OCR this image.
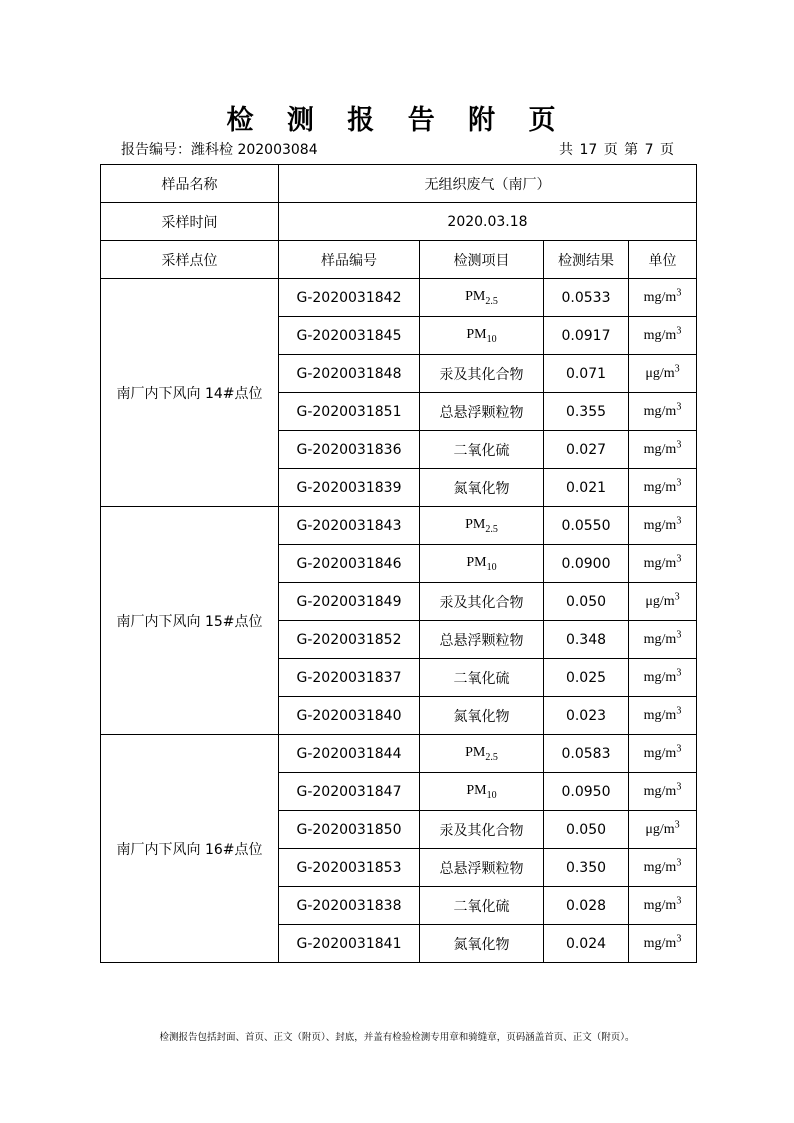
检 测 报 告 附 页
报告编号：潍科检 202003084	共 17 页 第 7 页
样品名称	无组织废气（南厂）			
采样时间	2020.03.18			
采样点位	样品编号	检测项目	检测结果	单位
南厂内下风向 14#点位	G-2020031842	$PM_{2.5}$	0.0533	$mg/m^3$
	G-2020031845	$PM_{10}$	0.0917	$mg/m^3$
	G-2020031848	汞及其化合物	0.071	$\mu g/m^3$
	G-2020031851	总悬浮颗粒物	0.355	$mg/m^3$
	G-2020031836	二氧化硫	0.027	$mg/m^3$
	G-2020031839	氮氧化物	0.021	$mg/m^3$
南厂内下风向 15#点位	G-2020031843	$PM_{2.5}$	0.0550	$mg/m^3$
	G-2020031846	$PM_{10}$	0.0900	$mg/m^3$
	G-2020031849	汞及其化合物	0.050	$\mu g/m^3$
	G-2020031852	总悬浮颗粒物	0.348	$mg/m^3$
	G-2020031837	二氧化硫	0.025	$mg/m^3$
	G-2020031840	氮氧化物	0.023	$mg/m^3$
南厂内下风向 16#点位	G-2020031844	$PM_{2.5}$	0.0583	$mg/m^3$
	G-2020031847	$PM_{10}$	0.0950	$mg/m^3$
	G-2020031850	汞及其化合物	0.050	$\mu g/m^3$
	G-2020031853	总悬浮颗粒物	0.350	$mg/m^3$
	G-2020031838	二氧化硫	0.028	$mg/m^3$
	G-2020031841	氮氧化物	0.024	$mg/m^3$
检测报告包括封面、首页、正文（附页）、封底，并盖有检验检测专用章和骑缝章，页码涵盖首页、正文（附页）。
